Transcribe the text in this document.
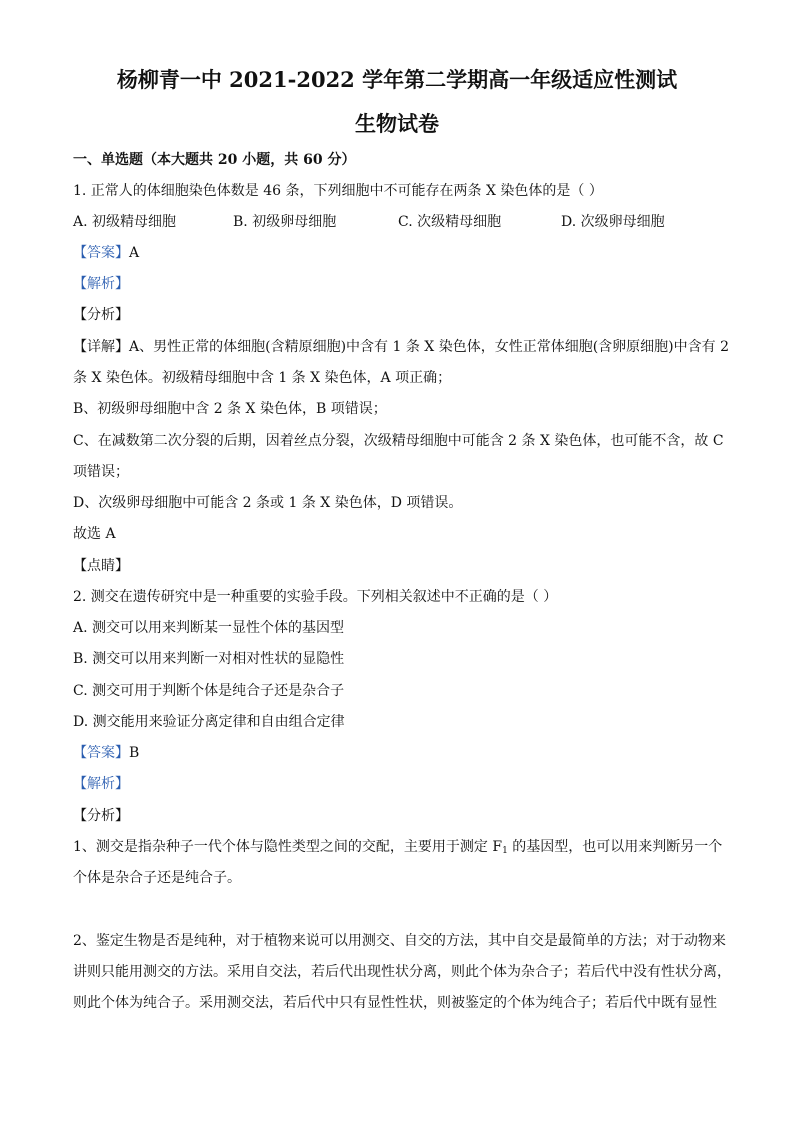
杨柳青一中 2021-2022 学年第二学期高一年级适应性测试
生物试卷
一、单选题（本大题共 20 小题，共 60 分）
1. 正常人的体细胞染色体数是 46 条，下列细胞中不可能存在两条 X 染色体的是（ ）
A. 初级精母细胞	B. 初级卵母细胞	C. 次级精母细胞	D. 次级卵母细胞
【答案】A
【解析】
【分析】
【详解】A、男性正常的体细胞(含精原细胞)中含有 1 条 X 染色体，女性正常体细胞(含卵原细胞)中含有 2
条 X 染色体。初级精母细胞中含 1 条 X 染色体，A 项正确；
B、初级卵母细胞中含 2 条 X 染色体，B 项错误；
C、在减数第二次分裂的后期，因着丝点分裂，次级精母细胞中可能含 2 条 X 染色体，也可能不含，故 C
项错误；
D、次级卵母细胞中可能含 2 条或 1 条 X 染色体，D 项错误。
故选 A
【点睛】
2. 测交在遗传研究中是一种重要的实验手段。下列相关叙述中不正确的是（ ）
A. 测交可以用来判断某一显性个体的基因型
B. 测交可以用来判断一对相对性状的显隐性
C. 测交可用于判断个体是纯合子还是杂合子
D. 测交能用来验证分离定律和自由组合定律
【答案】B
【解析】
【分析】
1、测交是指杂种子一代个体与隐性类型之间的交配，主要用于测定 $F_1$ 的基因型，也可以用来判断另一个
个体是杂合子还是纯合子。
2、鉴定生物是否是纯种，对于植物来说可以用测交、自交的方法，其中自交是最简单的方法；对于动物来
讲则只能用测交的方法。采用自交法，若后代出现性状分离，则此个体为杂合子；若后代中没有性状分离，
则此个体为纯合子。采用测交法，若后代中只有显性性状，则被鉴定的个体为纯合子；若后代中既有显性
